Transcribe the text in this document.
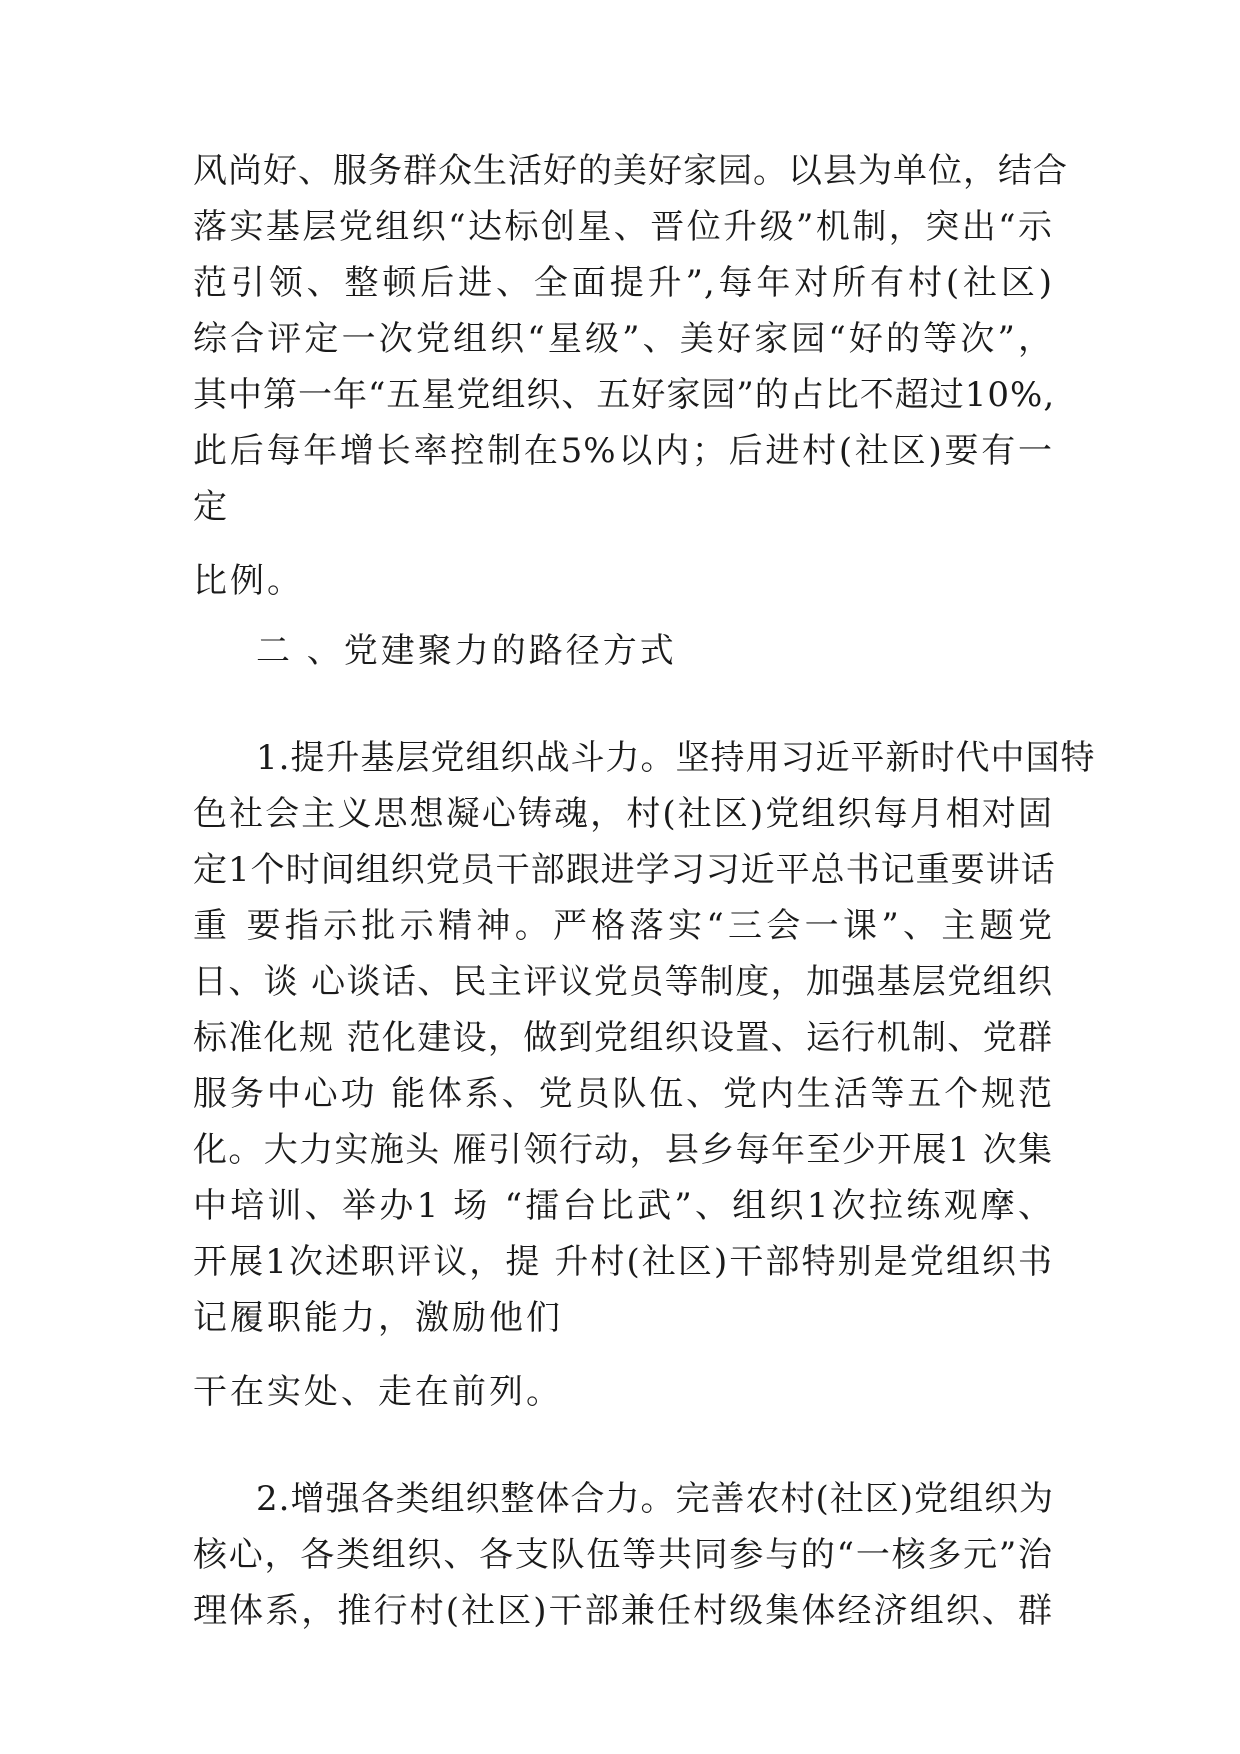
风尚好、服务群众生活好的美好家园。以县为单位，结合
落实基层党组织“达标创星、晋位升级”机制，突出“示
范引领、整顿后进、全面提升”,每年对所有村(社区)
综合评定一次党组织“星级”、美好家园“好的等次”，
其中第一年“五星党组织、五好家园”的占比不超过10%,
此后每年增长率控制在5%以内；后进村(社区)要有一
定
比例。
二 、党建聚力的路径方式
1.提升基层党组织战斗力。坚持用习近平新时代中国特
色社会主义思想凝心铸魂，村(社区)党组织每月相对固
定1个时间组织党员干部跟进学习习近平总书记重要讲话
重 要指示批示精神。严格落实“三会一课”、主题党
日、谈 心谈话、民主评议党员等制度，加强基层党组织
标准化规 范化建设，做到党组织设置、运行机制、党群
服务中心功 能体系、党员队伍、党内生活等五个规范
化。大力实施头 雁引领行动，县乡每年至少开展1 次集
中培训、举办1 场 “擂台比武”、组织1次拉练观摩、
开展1次述职评议，提 升村(社区)干部特别是党组织书
记履职能力，激励他们
干在实处、走在前列。
2.增强各类组织整体合力。完善农村(社区)党组织为
核心，各类组织、各支队伍等共同参与的“一核多元”治
理体系，推行村(社区)干部兼任村级集体经济组织、群
